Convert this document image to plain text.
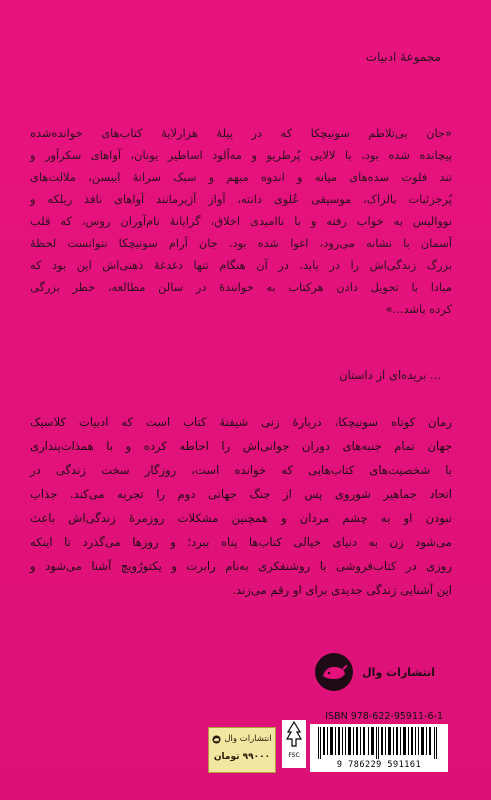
مجموعهٔ ادبیات
«جان بی‌تلاطم سونیچکا که در پیلهٔ هزارلایهٔ کتاب‌های خوانده‌شده
پیچانده شده بود، با لالایی پُرطریو و مه‌آلود اساطیر یونان، آواهای سکرآور و
تند فلوت سده‌های میانه و اندوه مبهم و سبک سرانهٔ ایبسن، ملالت‌های
پُرجزئیات بالزاک، موسیقی عُلوی دانته، آواز آژیرمانند آواهای نافذ ریلکه و
نووالیس به خواب رفته و با ناامیدی اخلاق، گرایانهٔ نام‌آوران روس، که قلب
آسمان با نشانه می‌رود، اغوا شده بود. جان آرام سونیچکا نتوانست لحظهٔ
بزرگ زندگی‌اش را در یابد. در آن هنگام تنها دغدغهٔ ذهنی‌اش این بود که
مبادا با تحویل دادن هرکتاب به خوانندهٔ در سالن مطالعه، خطر بزرگی
کرده باشد...»
... بریده‌ای از داستان
رمان کوتاه سونیچکا، دربارهٔ زنی شیفتهٔ کتاب است که ادبیات کلاسیک
جهان تمام جنبه‌های دوران جوانی‌اش را احاطه کرده و با همذات‌پنداری
با شخصیت‌های کتاب‌هایی که خوانده است، روزگار سخت زندگی در
اتحاد جماهیر شوروی پس از جنگ جهانی دوم را تجربه می‌کند. جذاب
نبودن او به چشم مردان و همچنین مشکلات روزمرهٔ زندگی‌اش باعث
می‌شود زن به دنیای خیالی کتاب‌ها پناه ببرد؛ و روزها می‌گذرد تا اینکه
روزی در کتاب‌فروشی با روشنفکری به‌نام رابرت و یکتورُویچ آشنا می‌شود و
این آشنایی زندگی جدیدی برای او رقم می‌زند.
انتشارات وال
ISBN 978-622-95911-6-1
9 786229 591161
FSC
انتشارات وال
۹۹۰۰۰ تومان
